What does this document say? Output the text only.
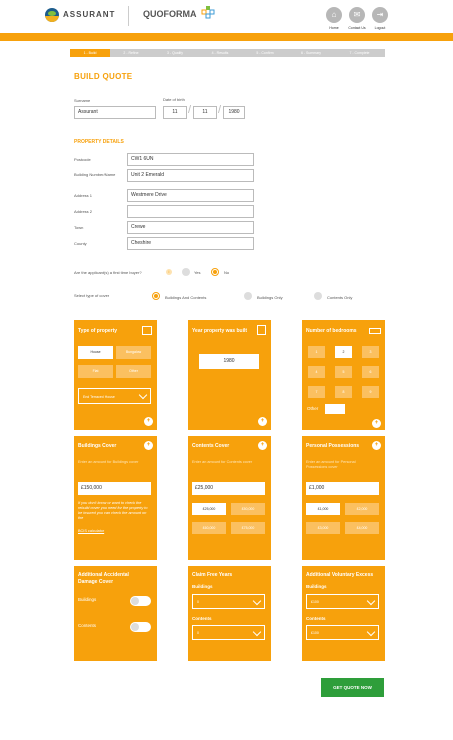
ASSURANT	QUOFORMA	⌂
Home
✉
Contact Us
⇥
Logout
1 - Build	2 - Refine	3 - Qualify	4 - Results	5 - Confirm	6 - Summary	7 - Complete
BUILD QUOTE
Surname
Assurant
Date of birth
11 /	11 /	1980
PROPERTY DETAILS
Postcode	CW1 6UN
Building Number/Name	Unit 2 Emerald
Address 1	Westmere Drive
Address 2
Town	Crewe
County	Cheshire
Are the applicant(s) a first time buyer?	i	Yes	No
Select type of cover	Buildings And Contents	Buildings Only	Contents Only
Type of property
House	Bungalow
Flat	Other
End Terraced House
+
Year property was built
1980
+
Number of bedrooms
1	2	3
4	5	6
7	8	9
Other
+
Buildings Cover	+
Enter an amount for Buildings cover
£150,000
If you don't know or want to check the rebuild cover you need for the property to be insured you can check the amount on the
BCIS calculator
Contents Cover	+
Enter an amount for Contents cover
£25,000
£25,000	£50,000
£60,000	£75,000
Personal Possessions	+
Enter an amount for Personal Possessions cover
£1,000
£1,000	£2,000
£3,000	£4,000
Additional Accidental Damage Cover
Buildings
Contents
Claim Free Years
Buildings
0
Contents
0
Additional Voluntary Excess
Buildings
£100
Contents
£100
GET QUOTE NOW
